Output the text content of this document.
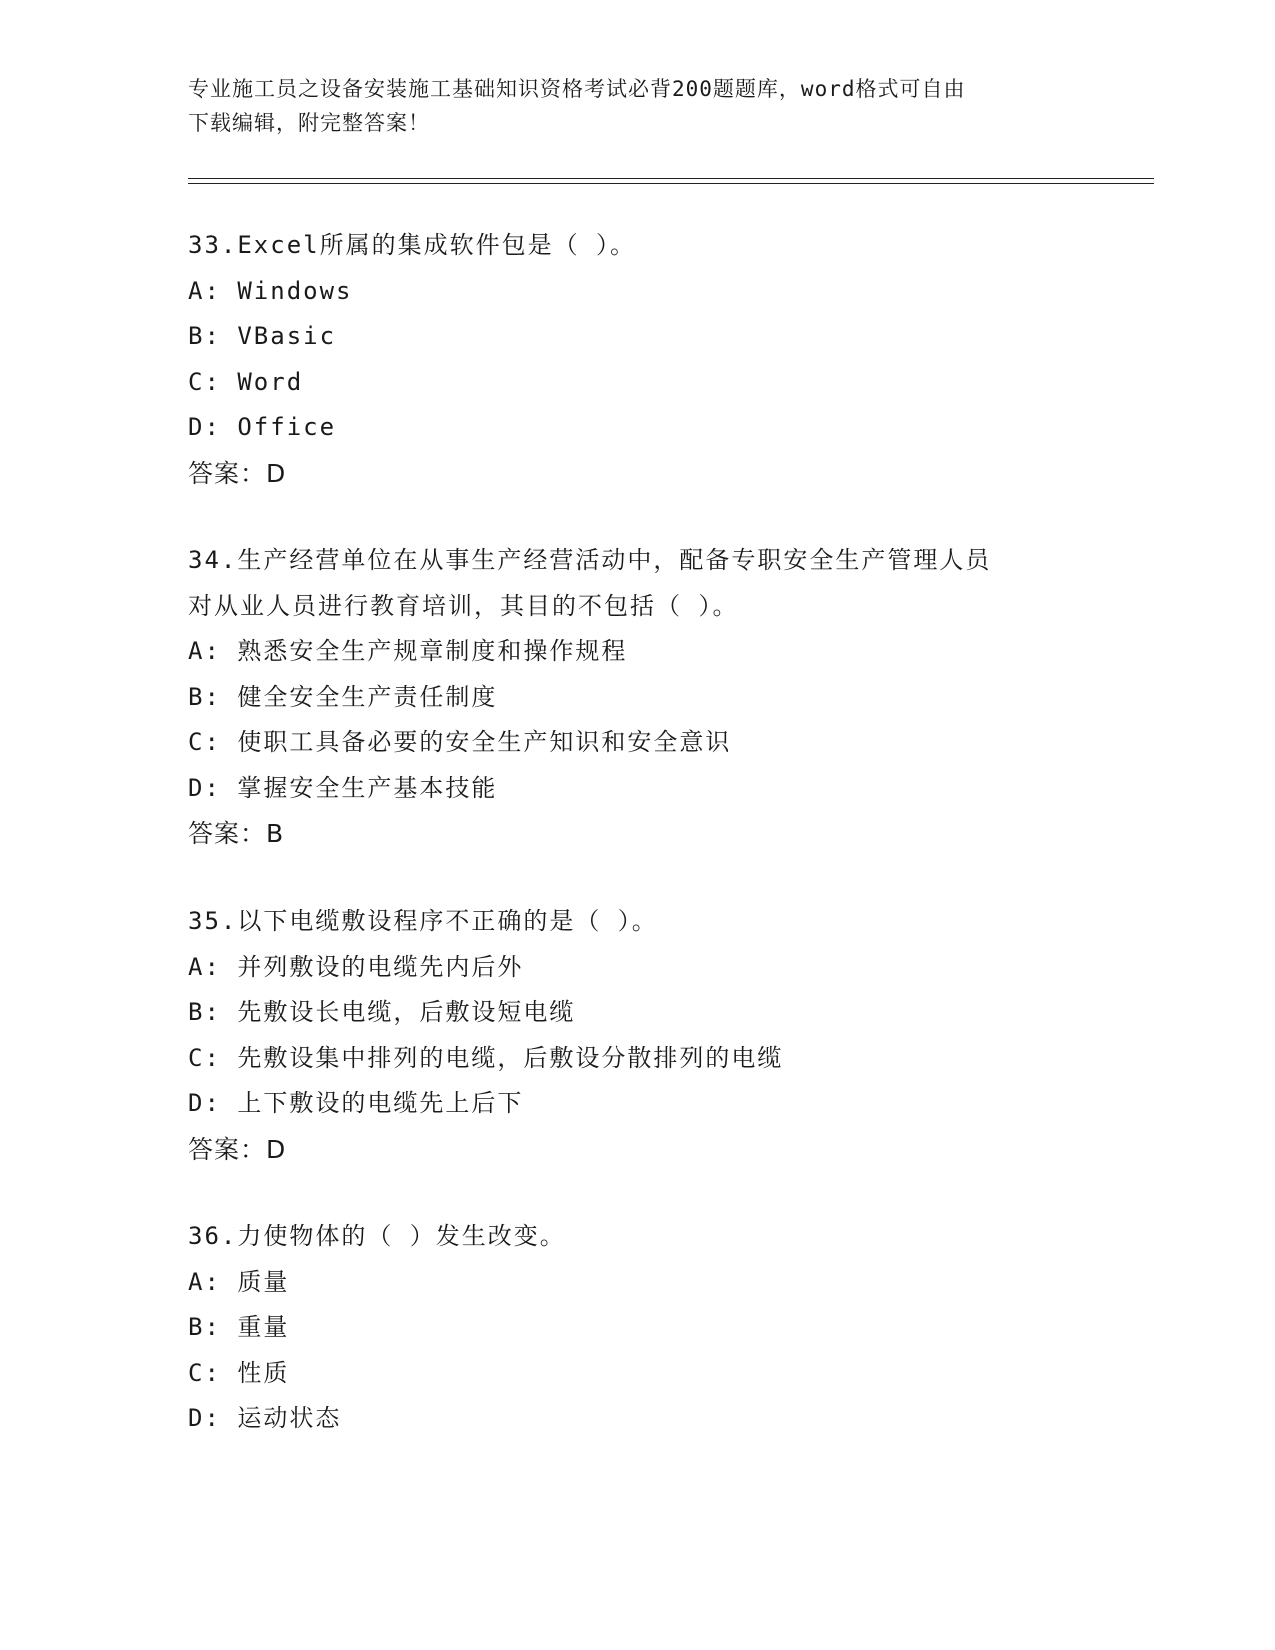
专业施工员之设备安装施工基础知识资格考试必背200题题库，word格式可自由
下载编辑，附完整答案！
33.Excel所属的集成软件包是（ ）。
A: Windows
B: VBasic
C: Word
D: Office
答案：D
34.生产经营单位在从事生产经营活动中，配备专职安全生产管理人员
对从业人员进行教育培训，其目的不包括（ ）。
A: 熟悉安全生产规章制度和操作规程
B: 健全安全生产责任制度
C: 使职工具备必要的安全生产知识和安全意识
D: 掌握安全生产基本技能
答案：B
35.以下电缆敷设程序不正确的是（ ）。
A: 并列敷设的电缆先内后外
B: 先敷设长电缆，后敷设短电缆
C: 先敷设集中排列的电缆，后敷设分散排列的电缆
D: 上下敷设的电缆先上后下
答案：D
36.力使物体的（ ）发生改变。
A: 质量
B: 重量
C: 性质
D: 运动状态
